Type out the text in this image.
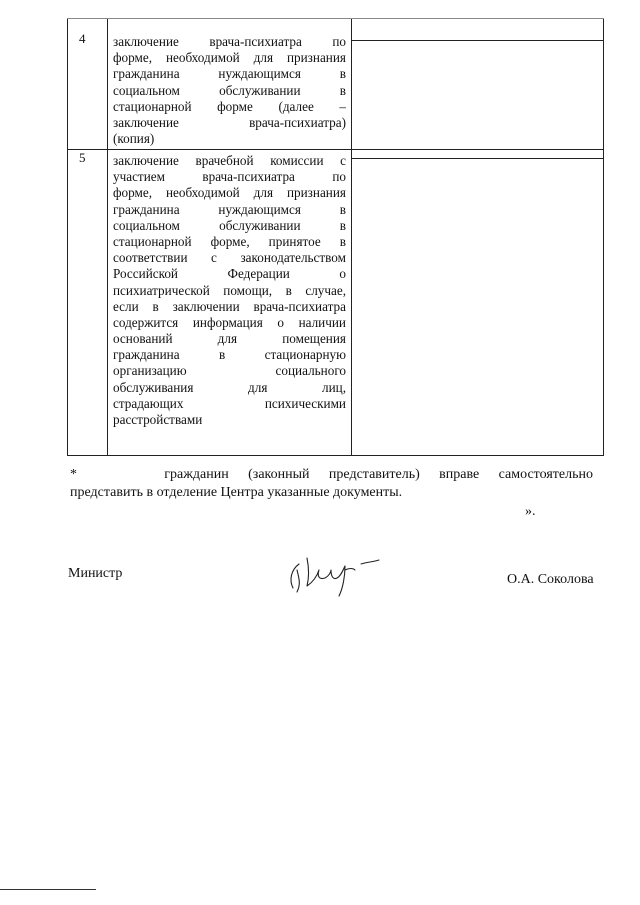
4 заключение врача-психиатра по
форме, необходимой для признания
гражданина нуждающимся в
социальном обслуживании в
стационарной форме (далее –
заключение врача-психиатра)
(копия)
5 заключение врачебной комиссии с
участием врача-психиатра по
форме, необходимой для признания
гражданина нуждающимся в
социальном обслуживании в
стационарной форме, принятое в
соответствии с законодательством
Российской Федерации о
психиатрической помощи, в случае,
если в заключении врача-психиатра
содержится информация о наличии
оснований для помещения
гражданина в стационарную
организацию социального
обслуживания для лиц,
страдающих психическими
расстройствами
*	гражданин (законный представитель) вправе самостоятельно
представить в отделение Центра указанные документы.
».
Министр	О.А. Соколова
